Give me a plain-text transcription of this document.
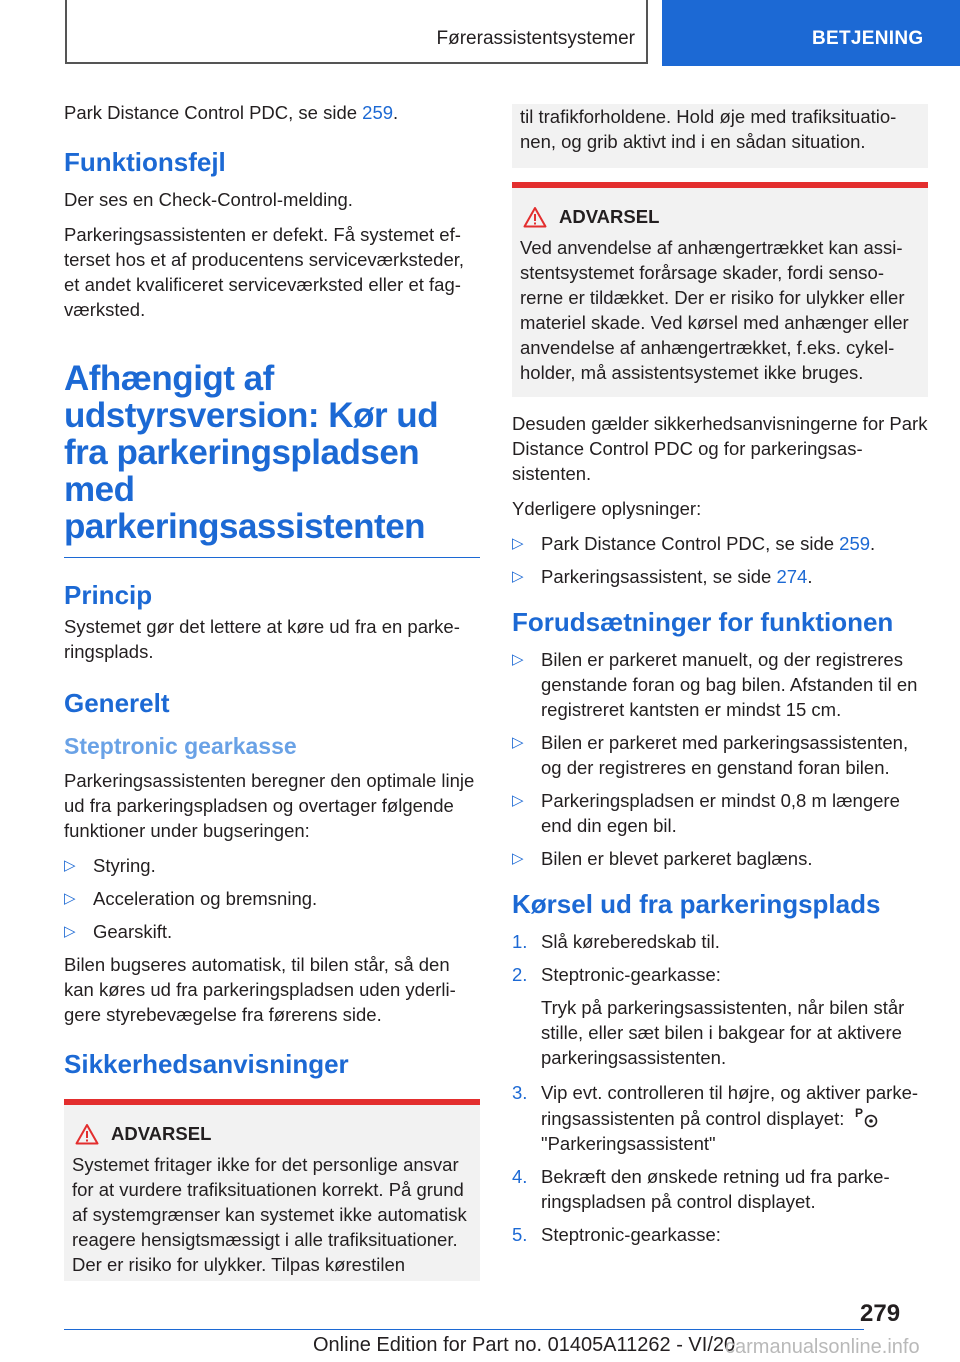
Førerassistentsystemer	BETJENING

Park Distance Control PDC, se side 259.

Funktionsfejl

Der ses en Check-Control-melding.

Parkeringsassistenten er defekt. Få systemet efterset hos et af producentens serviceværksteder, et andet kvalificeret serviceværksted eller et fagværksted.

Afhængigt af udstyrsversion: Kør ud fra parkeringspladsen med parkeringsassistenten
Princip

Systemet gør det lettere at køre ud fra en parkeringsplads.

Generelt
Steptronic gearkasse

Parkeringsassistenten beregner den optimale linje ud fra parkeringspladsen og overtager følgende funktioner under bugseringen:

▷ Styring.
▷ Acceleration og bremsning.
▷ Gearskift.

Bilen bugseres automatisk, til bilen står, så den kan køres ud fra parkeringspladsen uden yderligere styrebevægelse fra førerens side.

Sikkerhedsanvisninger
ADVARSEL
Systemet fritager ikke for det personlige ansvar for at vurdere trafiksituationen korrekt. På grund af systemgrænser kan systemet ikke automatisk reagere hensigtsmæssigt i alle trafiksituationer. Der er risiko for ulykker. Tilpas kørestilen
til trafikforholdene. Hold øje med trafiksituationen, og grib aktivt ind i en sådan situation.
ADVARSEL
Ved anvendelse af anhængertrækket kan assistentsystemet forårsage skader, fordi sensorerne er tildækket. Der er risiko for ulykker eller materiel skade. Ved kørsel med anhænger eller anvendelse af anhængertrækket, f.eks. cykelholder, må assistentsystemet ikke bruges.

Desuden gælder sikkerhedsanvisningerne for Park Distance Control PDC og for parkeringsassistenten.

Yderligere oplysninger:

▷ Park Distance Control PDC, se side 259.
▷ Parkeringsassistent, se side 274.
Forudsætninger for funktionen
▷ Bilen er parkeret manuelt, og der registreres genstande foran og bag bilen. Afstanden til en registreret kantsten er mindst 15 cm.
▷ Bilen er parkeret med parkeringsassistenten, og der registreres en genstand foran bilen.
▷ Parkeringspladsen er mindst 0,8 m længere end din egen bil.
▷ Bilen er blevet parkeret baglæns.
Kørsel ud fra parkeringsplads
1. Slå køreberedskab til.
2. Steptronic-gearkasse:

Tryk på parkeringsassistenten, når bilen står stille, eller sæt bilen i bakgear for at aktivere parkeringsassistenten.

3. Vip evt. controlleren til højre, og aktiver parkeringsassistenten på control displayet: P

"Parkeringsassistent"
4. Bekræft den ønskede retning ud fra parkeringspladsen på control displayet.
5. Steptronic-gearkasse:
279
Online Edition for Part no. 01405A11262 - VI/20
carmanualsonline.info
